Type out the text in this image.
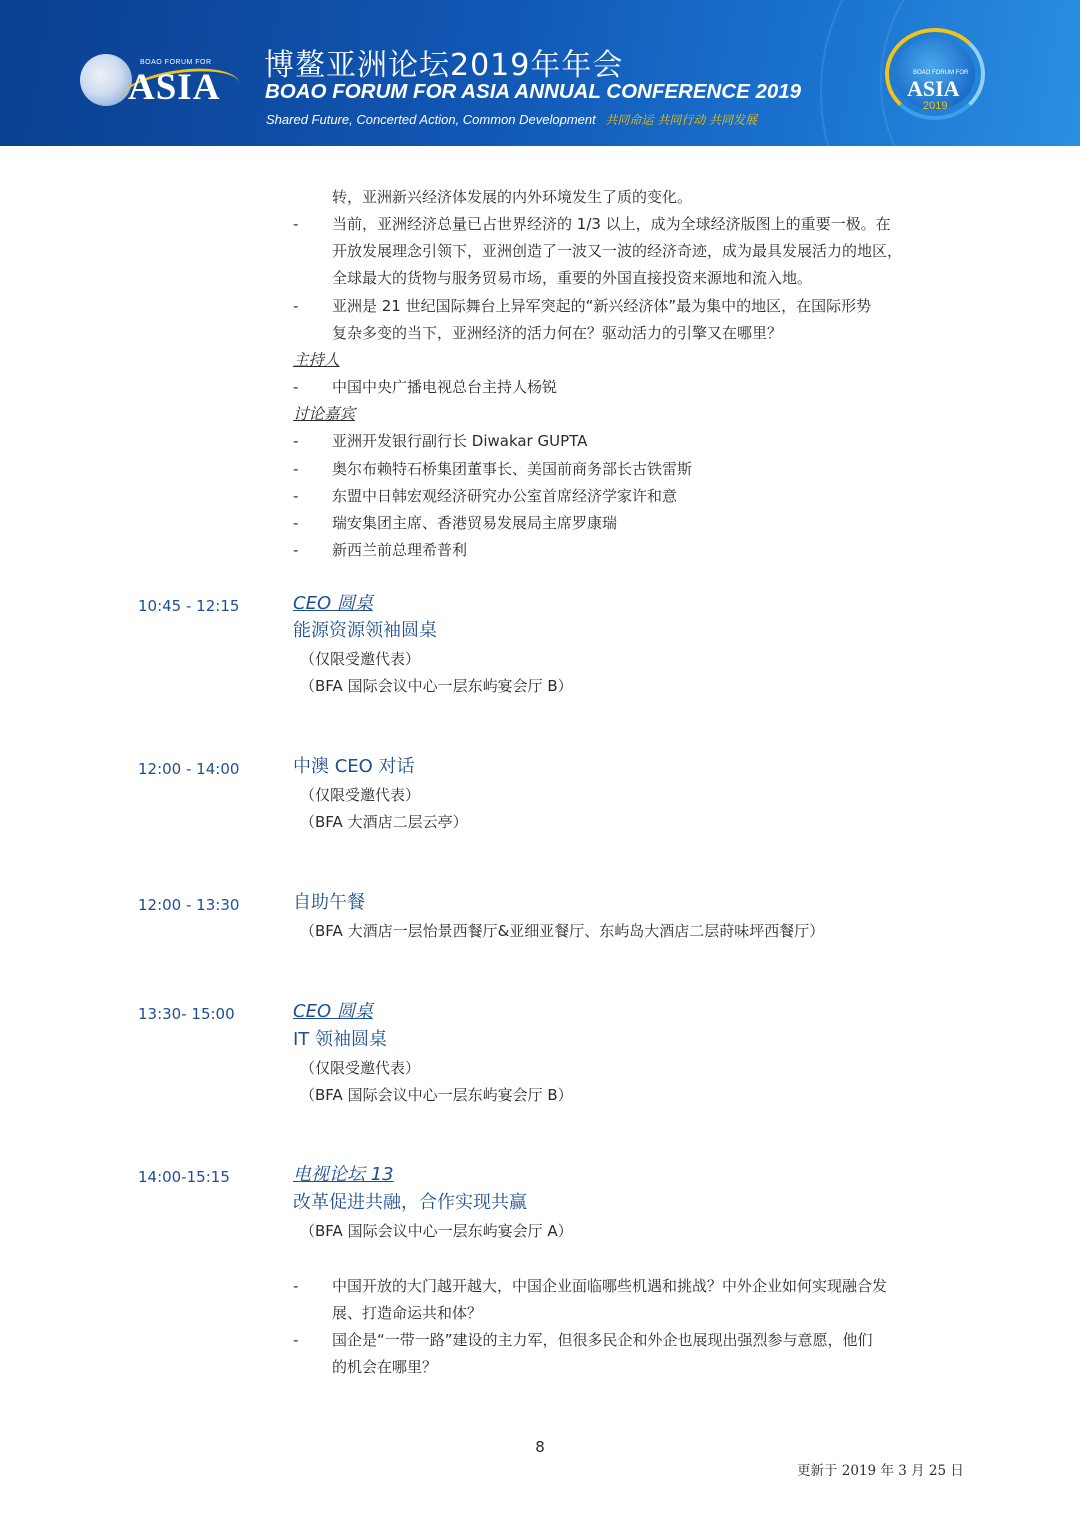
BOAO FORUM FOR
ASIA
博鳌亚洲论坛2019年年会
BOAO FORUM FOR ASIA ANNUAL CONFERENCE 2019
Shared Future, Concerted Action, Common Development 共同命运 共同行动 共同发展
BOAO FORUM FOR
ASIA
2019
转，亚洲新兴经济体发展的内外环境发生了质的变化。
- 当前，亚洲经济总量已占世界经济的 1/3 以上，成为全球经济版图上的重要一极。在
开放发展理念引领下，亚洲创造了一波又一波的经济奇迹，成为最具发展活力的地区，
全球最大的货物与服务贸易市场，重要的外国直接投资来源地和流入地。
- 亚洲是 21 世纪国际舞台上异军突起的“新兴经济体”最为集中的地区，在国际形势
复杂多变的当下，亚洲经济的活力何在？驱动活力的引擎又在哪里？
主持人
- 中国中央广播电视总台主持人杨锐
讨论嘉宾
- 亚洲开发银行副行长 Diwakar GUPTA
- 奥尔布赖特石桥集团董事长、美国前商务部长古铁雷斯
- 东盟中日韩宏观经济研究办公室首席经济学家许和意
- 瑞安集团主席、香港贸易发展局主席罗康瑞
- 新西兰前总理希普利
10:45 - 12:15	CEO 圆桌
能源资源领袖圆桌
（仅限受邀代表）
（BFA 国际会议中心一层东屿宴会厅 B）
12:00 - 14:00	中澳 CEO 对话
（仅限受邀代表）
（BFA 大酒店二层云亭）
12:00 - 13:30	自助午餐
（BFA 大酒店一层怡景西餐厅&亚细亚餐厅、东屿岛大酒店二层莳味坪西餐厅）
13:30- 15:00	CEO 圆桌
IT 领袖圆桌
（仅限受邀代表）
（BFA 国际会议中心一层东屿宴会厅 B）
14:00-15:15	电视论坛 13
改革促进共融，合作实现共赢
（BFA 国际会议中心一层东屿宴会厅 A）
- 中国开放的大门越开越大，中国企业面临哪些机遇和挑战？中外企业如何实现融合发
展、打造命运共和体？
- 国企是“一带一路”建设的主力军，但很多民企和外企也展现出强烈参与意愿，他们
的机会在哪里？
8
更新于 2019 年 3 月 25 日
